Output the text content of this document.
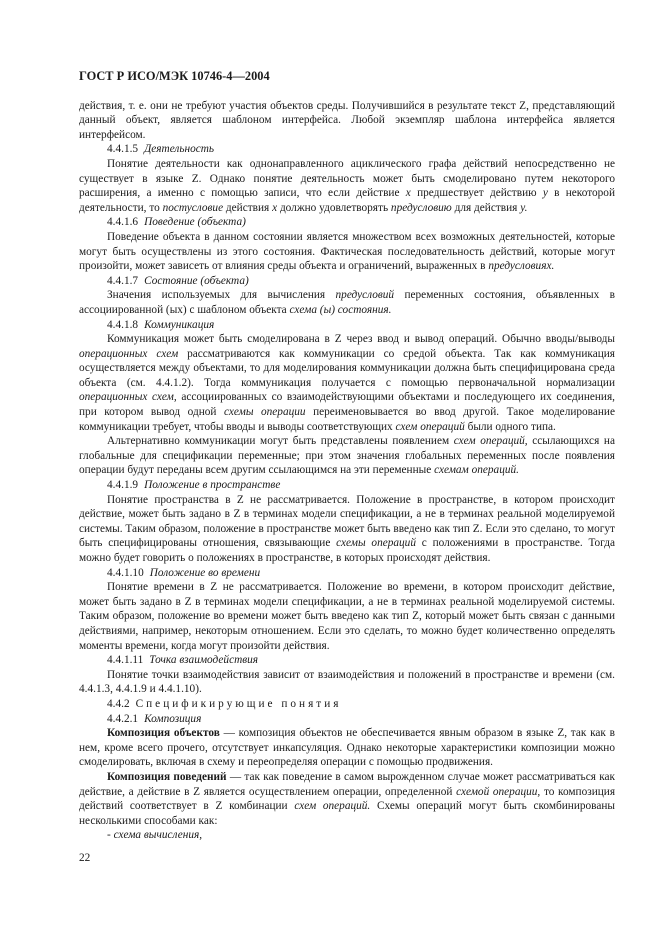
ГОСТ Р ИСО/МЭК 10746-4—2004

действия, т. е. они не требуют участия объектов среды. Получившийся в результате текст Z, представляющий данный объект, является шаблоном интерфейса. Любой экземпляр шаблона интерфейса является интерфейсом.

4.4.1.5 Деятельность

Понятие деятельности как однонаправленного ациклического графа действий непосредственно не существует в языке Z. Однако понятие деятельность может быть смоделировано путем некоторого расширения, а именно с помощью записи, что если действие x предшествует действию y в некоторой деятельности, то постусловие действия x должно удовлетворять предусловию для действия y.

4.4.1.6 Поведение (объекта)

Поведение объекта в данном состоянии является множеством всех возможных деятельностей, которые могут быть осуществлены из этого состояния. Фактическая последовательность действий, которые могут произойти, может зависеть от влияния среды объекта и ограничений, выраженных в предусловиях.

4.4.1.7 Состояние (объекта)

Значения используемых для вычисления предусловий переменных состояния, объявленных в ассоциированной (ых) с шаблоном объекта схема (ы) состояния.

4.4.1.8 Коммуникация

Коммуникация может быть смоделирована в Z через ввод и вывод операций. Обычно вводы/выводы операционных схем рассматриваются как коммуникации со средой объекта. Так как коммуникация осуществляется между объектами, то для моделирования коммуникации должна быть специфицирована среда объекта (см. 4.4.1.2). Тогда коммуникация получается с помощью первоначальной нормализации операционных схем, ассоциированных со взаимодействующими объектами и последующего их соединения, при котором вывод одной схемы операции переименовывается во ввод другой. Такое моделирование коммуникации требует, чтобы вводы и выводы соответствующих схем операций были одного типа.

Альтернативно коммуникации могут быть представлены появлением схем операций, ссылающихся на глобальные для спецификации переменные; при этом значения глобальных переменных после появления операции будут переданы всем другим ссылающимся на эти переменные схемам операций.

4.4.1.9 Положение в пространстве

Понятие пространства в Z не рассматривается. Положение в пространстве, в котором происходит действие, может быть задано в Z в терминах модели спецификации, а не в терминах реальной моделируемой системы. Таким образом, положение в пространстве может быть введено как тип Z. Если это сделано, то могут быть специфицированы отношения, связывающие схемы операций с положениями в пространстве. Тогда можно будет говорить о положениях в пространстве, в которых происходят действия.

4.4.1.10 Положение во времени

Понятие времени в Z не рассматривается. Положение во времени, в котором происходит действие, может быть задано в Z в терминах модели спецификации, а не в терминах реальной моделируемой системы. Таким образом, положение во времени может быть введено как тип Z, который может быть связан с данными действиями, например, некоторым отношением. Если это сделать, то можно будет количественно определять моменты времени, когда могут произойти действия.

4.4.1.11 Точка взаимодействия

Понятие точки взаимодействия зависит от взаимодействия и положений в пространстве и времени (см. 4.4.1.3, 4.4.1.9 и 4.4.1.10).

4.4.2 Спецификирующие понятия
4.4.2.1 Композиция

Композиция объектов — композиция объектов не обеспечивается явным образом в языке Z, так как в нем, кроме всего прочего, отсутствует инкапсуляция. Однако некоторые характеристики композиции можно смоделировать, включая в схему и переопределяя операции с помощью продвижения.

Композиция поведений — так как поведение в самом вырожденном случае может рассматриваться как действие, а действие в Z является осуществлением операции, определенной схемой операции, то композиция действий соответствует в Z комбинации схем операций. Схемы операций могут быть скомбинированы несколькими способами как:

- схема вычисления,

22
